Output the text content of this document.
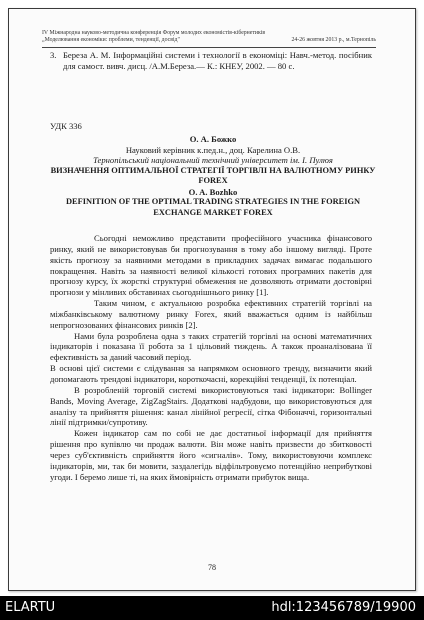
IV Міжнародна науково-методична конференція Форум молодих економістів-кібернетиків
„Моделювання економіки: проблеми, тенденції, досвід"	24-26 жовтня 2013 р., м.Тернопіль
3. Береза А. М. Інформаційні системи і технології в економіці: Навч.-метод. посібник для самост. вивч. дисц. /А.М.Береза.— К.: КНЕУ, 2002. — 80 с.
УДК 336
О. А. Божко
Науковий керівник к.пед.н., доц. Карелина О.В.
Тернопільський національний технічний університет ім. І. Пулюя
ВИЗНАЧЕННЯ ОПТИМАЛЬНОЇ СТРАТЕГІЇ ТОРГІВЛІ НА ВАЛЮТНОМУ РИНКУ FOREX
O. A. Bozhko
DEFINITION OF THE OPTIMAL TRADING STRATEGIES IN THE FOREIGN EXCHANGE MARKET FOREX

Сьогодні неможливо представити професійного учасника фінансового ринку, який не використовував би прогнозування в тому або іншому вигляді. Проте якість прогнозу за наявними методами в прикладних задачах вимагає подальшого покращення. Навіть за наявності великої кількості готових програмних пакетів для прогнозу курсу, їх жорсткі структурні обмеження не дозволяють отримати достовірні прогнози у мінливих обставинах сьогоднішнього ринку [1].

Таким чином, є актуальною розробка ефективних стратегій торгівлі на міжбанківському валютному ринку Forex, який вважається одним із найбільш непрогнозованих фінансових ринків [2].

Нами була розроблена одна з таких стратегій торгівлі на основі математичних індикаторів і показана її робота за 1 цільовий тиждень. А також проаналізована її ефективність за даний часовий період.

В основі цієї системи є слідування за напрямком основного тренду, визначити який допомагають трендові індикатори, короткочасні, корекційні тенденції, їх потенціал.

В розробленій торговій системі використовуються такі індикатори: Bollinger Bands, Moving Average, ZigZagStairs. Додаткові надбудови, що використовуються для аналізу та прийняття рішення: канал лінійної регресії, сітка Фібоначчі, горизонтальні лінії підтримки/супротиву.

Кожен індикатор сам по собі не дає достатньої інформації для прийняття рішення про купівлю чи продаж валюти. Він може навіть призвести до збитковості через суб'єктивність сприйняття його «сигналів». Тому, використовуючи комплекс індикаторів, ми, так би мовити, заздалегідь відфільтровуємо потенційно неприбуткові угоди. І беремо лише ті, на яких ймовірність отримати прибуток вища.

78
ELARTU	hdl:123456789/19900
